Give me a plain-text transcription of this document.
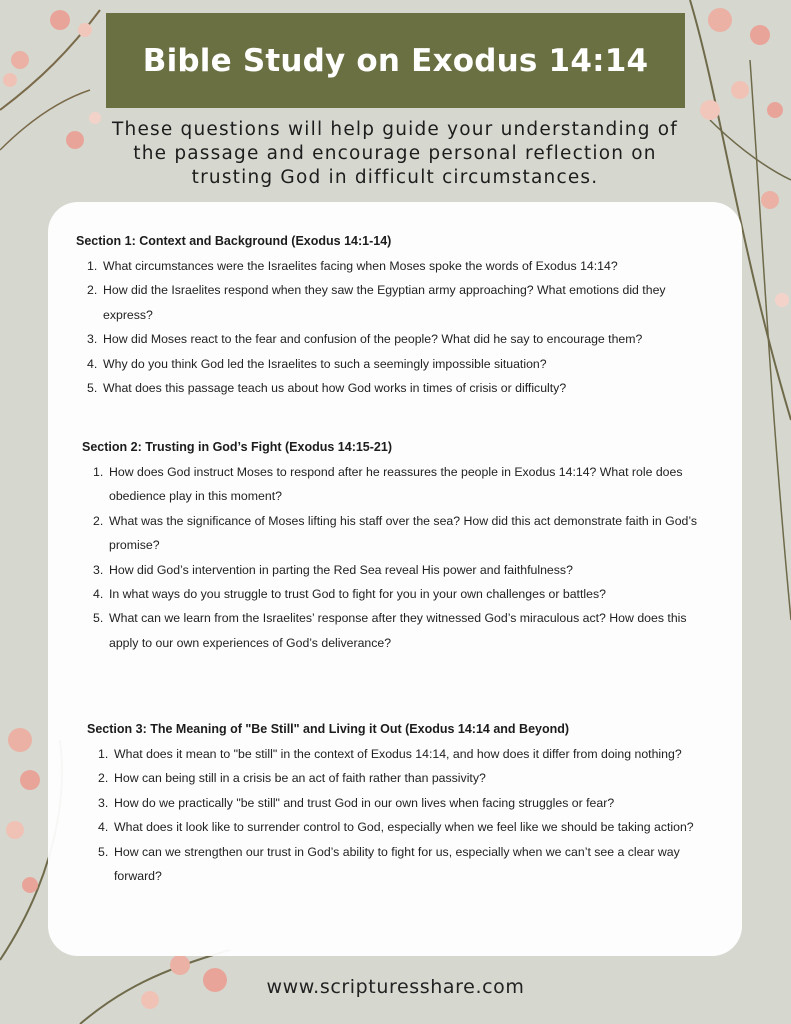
Bible Study on Exodus 14:14
These questions will help guide your understanding of the passage and encourage personal reflection on trusting God in difficult circumstances.
Section 1: Context and Background (Exodus 14:1-14)
1. What circumstances were the Israelites facing when Moses spoke the words of Exodus 14:14?
2. How did the Israelites respond when they saw the Egyptian army approaching? What emotions did they express?
3. How did Moses react to the fear and confusion of the people? What did he say to encourage them?
4. Why do you think God led the Israelites to such a seemingly impossible situation?
5. What does this passage teach us about how God works in times of crisis or difficulty?
Section 2: Trusting in God’s Fight (Exodus 14:15-21)
1. How does God instruct Moses to respond after he reassures the people in Exodus 14:14? What role does obedience play in this moment?
2. What was the significance of Moses lifting his staff over the sea? How did this act demonstrate faith in God’s promise?
3. How did God’s intervention in parting the Red Sea reveal His power and faithfulness?
4. In what ways do you struggle to trust God to fight for you in your own challenges or battles?
5. What can we learn from the Israelites’ response after they witnessed God’s miraculous act? How does this apply to our own experiences of God’s deliverance?
Section 3: The Meaning of "Be Still" and Living it Out (Exodus 14:14 and Beyond)
1. What does it mean to "be still" in the context of Exodus 14:14, and how does it differ from doing nothing?
2. How can being still in a crisis be an act of faith rather than passivity?
3. How do we practically "be still" and trust God in our own lives when facing struggles or fear?
4. What does it look like to surrender control to God, especially when we feel like we should be taking action?
5. How can we strengthen our trust in God’s ability to fight for us, especially when we can’t see a clear way forward?
www.scripturesshare.com
